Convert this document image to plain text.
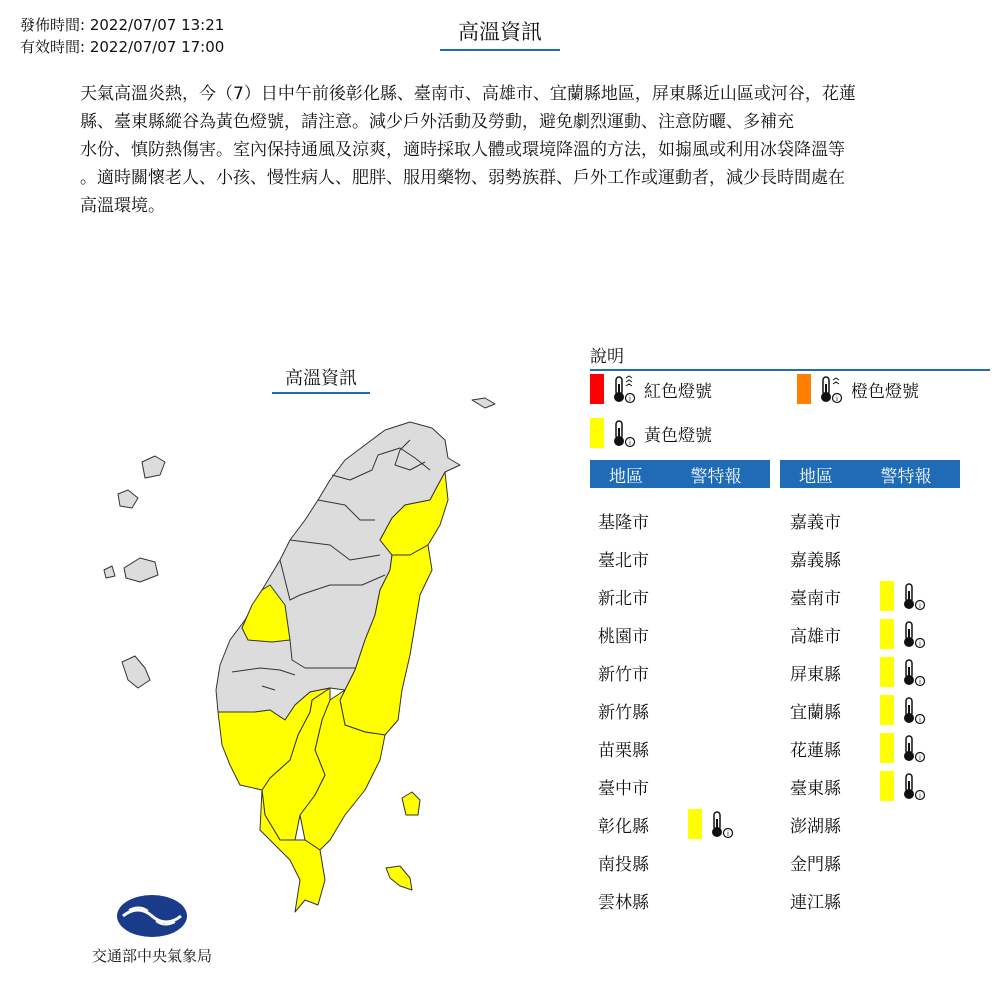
發佈時間: 2022/07/07 13:21
有效時間: 2022/07/07 17:00
高溫資訊
天氣高溫炎熱，今（7）日中午前後彰化縣、臺南市、高雄市、宜蘭縣地區，屏東縣近山區或河谷，花蓮
縣、臺東縣縱谷為黃色燈號，請注意。減少戶外活動及勞動，避免劇烈運動、注意防曬、多補充
水份、慎防熱傷害。室內保持通風及涼爽，適時採取人體或環境降溫的方法，如搧風或利用冰袋降溫等
。適時關懷老人、小孩、慢性病人、肥胖、服用藥物、弱勢族群、戶外工作或運動者，減少長時間處在
高溫環境。
高溫資訊
說明
i 紅色燈號	i 橙色燈號
i 黃色燈號
地區	警特報	地區	警特報
基隆市
臺北市
新北市
桃園市
新竹市
新竹縣
苗栗縣
臺中市
彰化縣	i
南投縣
雲林縣
嘉義市
嘉義縣
臺南市	i
高雄市	i
屏東縣	i
宜蘭縣	i
花蓮縣	i
臺東縣	i
澎湖縣
金門縣
連江縣
交通部中央氣象局
